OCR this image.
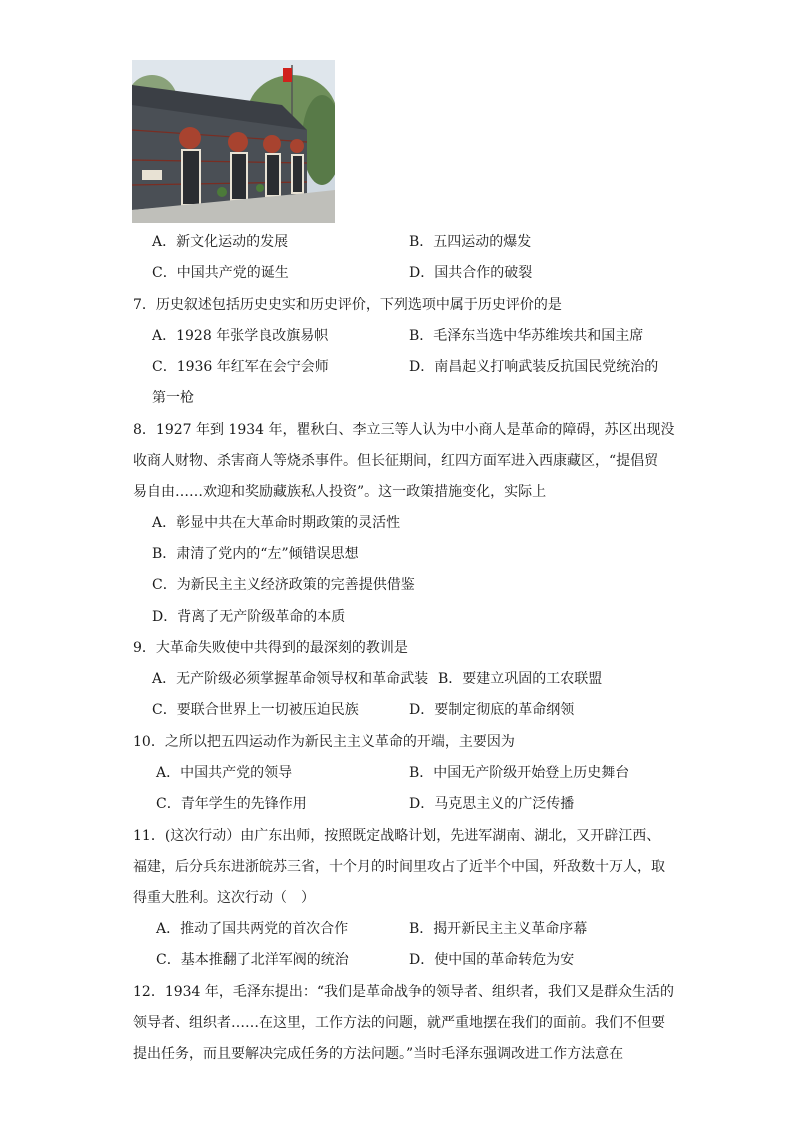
A．新文化运动的发展	B．五四运动的爆发
C．中国共产党的诞生	D．国共合作的破裂
7．历史叙述包括历史史实和历史评价，下列选项中属于历史评价的是
A．1928 年张学良改旗易帜	B．毛泽东当选中华苏维埃共和国主席
C．1936 年红军在会宁会师	D．南昌起义打响武装反抗国民党统治的
第一枪
8．1927 年到 1934 年，瞿秋白、李立三等人认为中小商人是革命的障碍，苏区出现没
收商人财物、杀害商人等烧杀事件。但长征期间，红四方面军进入西康藏区，“提倡贸
易自由……欢迎和奖励藏族私人投资”。这一政策措施变化，实际上
A．彰显中共在大革命时期政策的灵活性
B．肃清了党内的“左”倾错误思想
C．为新民主主义经济政策的完善提供借鉴
D．背离了无产阶级革命的本质
9．大革命失败使中共得到的最深刻的教训是
A．无产阶级必须掌握革命领导权和革命武装 B．要建立巩固的工农联盟
C．要联合世界上一切被压迫民族	D．要制定彻底的革命纲领
10．之所以把五四运动作为新民主主义革命的开端，主要因为
A．中国共产党的领导	B．中国无产阶级开始登上历史舞台
C．青年学生的先锋作用	D．马克思主义的广泛传播
11．(这次行动）由广东出师，按照既定战略计划，先进军湖南、湖北，又开辟江西、
福建，后分兵东进浙皖苏三省，十个月的时间里攻占了近半个中国，歼敌数十万人，取
得重大胜利。这次行动（　）
A．推动了国共两党的首次合作	B．揭开新民主主义革命序幕
C．基本推翻了北洋军阀的统治	D．使中国的革命转危为安
12．1934 年，毛泽东提出：“我们是革命战争的领导者、组织者，我们又是群众生活的
领导者、组织者……在这里，工作方法的问题，就严重地摆在我们的面前。我们不但要
提出任务，而且要解决完成任务的方法问题。”当时毛泽东强调改进工作方法意在
